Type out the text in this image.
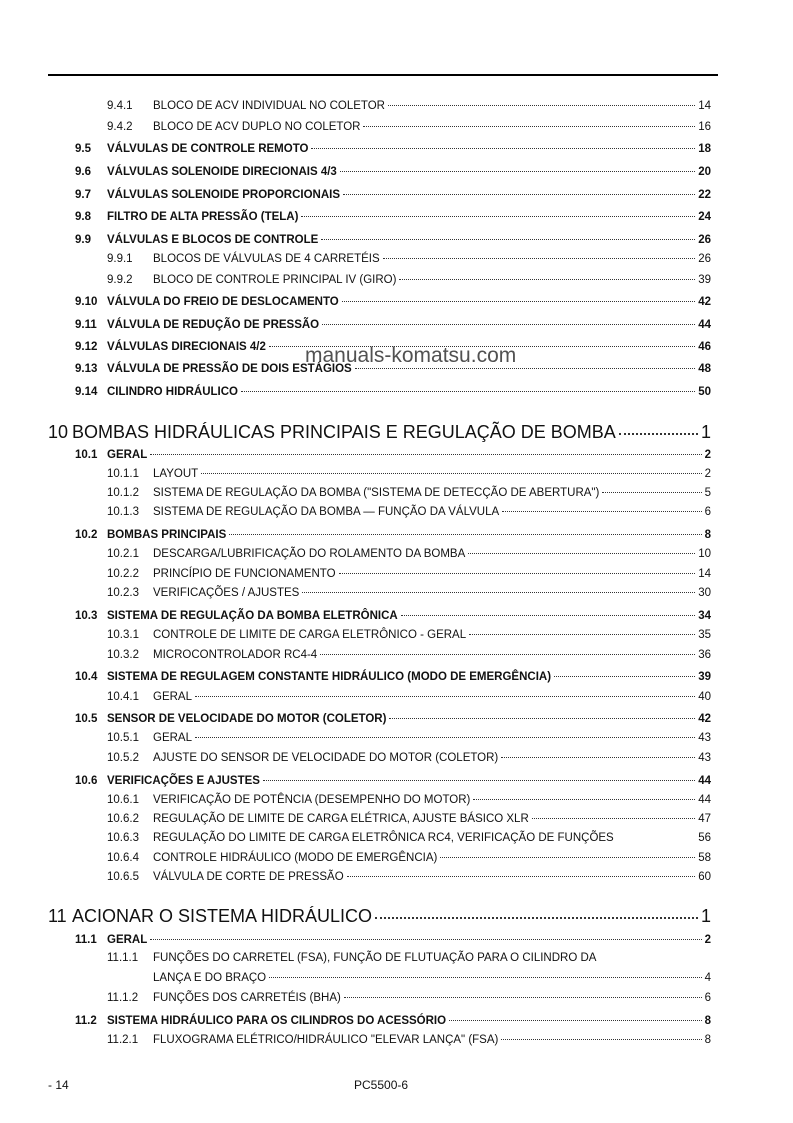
9.4.1	BLOCO DE ACV INDIVIDUAL NO COLETOR	14
9.4.2	BLOCO DE ACV DUPLO NO COLETOR	16
9.5	VÁLVULAS DE CONTROLE REMOTO	18
9.6	VÁLVULAS SOLENOIDE DIRECIONAIS 4/3	20
9.7	VÁLVULAS SOLENOIDE PROPORCIONAIS	22
9.8	FILTRO DE ALTA PRESSÃO (TELA)	24
9.9	VÁLVULAS E BLOCOS DE CONTROLE	26
9.9.1	BLOCOS DE VÁLVULAS DE 4 CARRETÉIS	26
9.9.2	BLOCO DE CONTROLE PRINCIPAL IV (GIRO)	39
9.10 VÁLVULA DO FREIO DE DESLOCAMENTO	42
9.11 VÁLVULA DE REDUÇÃO DE PRESSÃO	44
9.12 VÁLVULAS DIRECIONAIS 4/2	46
9.13 VÁLVULA DE PRESSÃO DE DOIS ESTÁGIOS	48
9.14 CILINDRO HIDRÁULICO	50
10 BOMBAS HIDRÁULICAS PRINCIPAIS E REGULAÇÃO DE BOMBA	1
10.1 GERAL	2
10.1.1	LAYOUT	2
10.1.2	SISTEMA DE REGULAÇÃO DA BOMBA ("SISTEMA DE DETECÇÃO DE ABERTURA")	5
10.1.3	SISTEMA DE REGULAÇÃO DA BOMBA — FUNÇÃO DA VÁLVULA	6
10.2 BOMBAS PRINCIPAIS	8
10.2.1	DESCARGA/LUBRIFICAÇÃO DO ROLAMENTO DA BOMBA	10
10.2.2	PRINCÍPIO DE FUNCIONAMENTO	14
10.2.3	VERIFICAÇÕES / AJUSTES	30
10.3 SISTEMA DE REGULAÇÃO DA BOMBA ELETRÔNICA	34
10.3.1	CONTROLE DE LIMITE DE CARGA ELETRÔNICO - GERAL	35
10.3.2	MICROCONTROLADOR RC4-4	36
10.4 SISTEMA DE REGULAGEM CONSTANTE HIDRÁULICO (MODO DE EMERGÊNCIA)	39
10.4.1	GERAL	40
10.5 SENSOR DE VELOCIDADE DO MOTOR (COLETOR)	42
10.5.1	GERAL	43
10.5.2	AJUSTE DO SENSOR DE VELOCIDADE DO MOTOR (COLETOR)	43
10.6 VERIFICAÇÕES E AJUSTES	44
10.6.1	VERIFICAÇÃO DE POTÊNCIA (DESEMPENHO DO MOTOR)	44
10.6.2	REGULAÇÃO DE LIMITE DE CARGA ELÉTRICA, AJUSTE BÁSICO XLR	47
10.6.3	REGULAÇÃO DO LIMITE DE CARGA ELETRÔNICA RC4, VERIFICAÇÃO DE FUNÇÕES	56
10.6.4	CONTROLE HIDRÁULICO (MODO DE EMERGÊNCIA)	58
10.6.5	VÁLVULA DE CORTE DE PRESSÃO	60
11 ACIONAR O SISTEMA HIDRÁULICO	1
11.1 GERAL	2
11.1.1	FUNÇÕES DO CARRETEL (FSA), FUNÇÃO DE FLUTUAÇÃO PARA O CILINDRO DA
LANÇA E DO BRAÇO	4
11.1.2	FUNÇÕES DOS CARRETÉIS (BHA)	6
11.2 SISTEMA HIDRÁULICO PARA OS CILINDROS DO ACESSÓRIO	8
11.2.1	FLUXOGRAMA ELÉTRICO/HIDRÁULICO "ELEVAR LANÇA" (FSA)	8
manuals-komatsu.com
- 14	PC5500-6
